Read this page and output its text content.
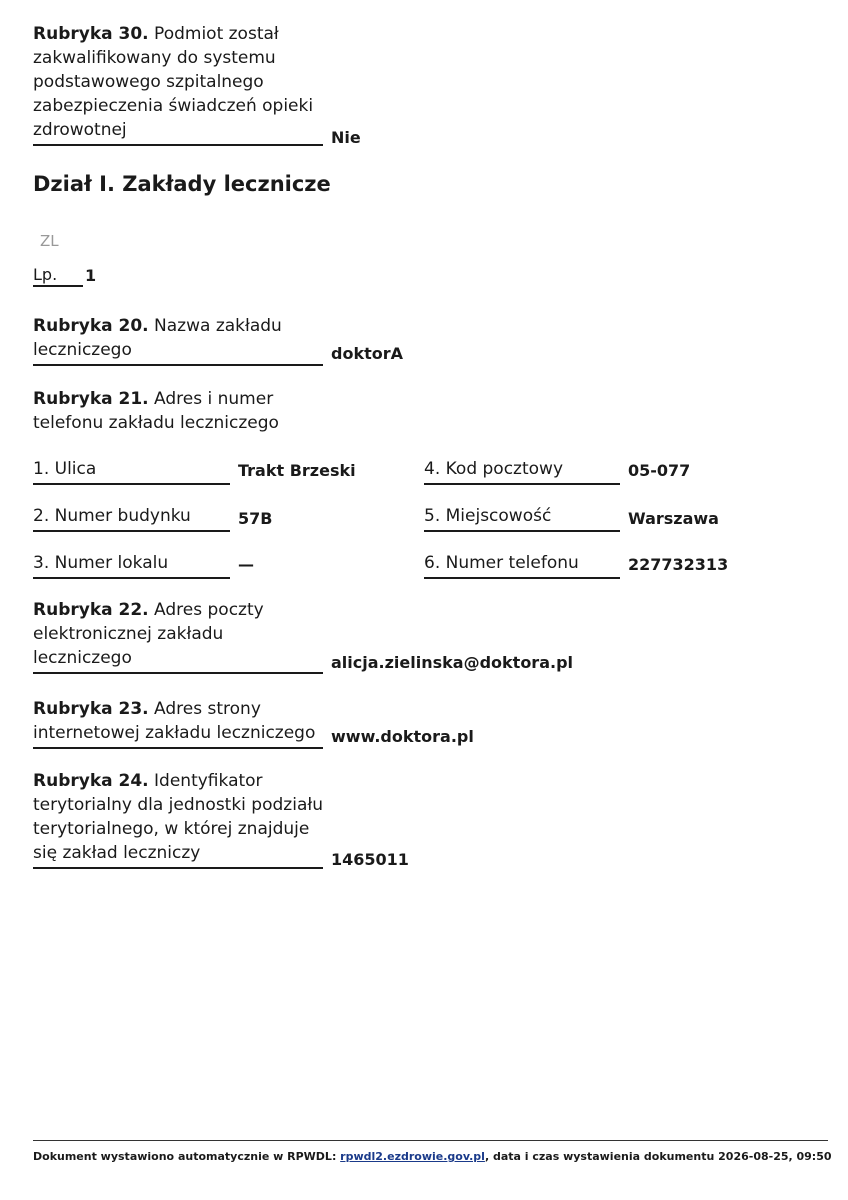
Rubryka 30. Podmiot został zakwalifikowany do systemu podstawowego szpitalnego zabezpieczenia świadczeń opieki zdrowotnej	Nie
Dział I. Zakłady lecznicze
ZL
Lp.	1
Rubryka 20. Nazwa zakładu leczniczego	doktorA
Rubryka 21. Adres i numer telefonu zakładu leczniczego
1. Ulica	Trakt Brzeski
2. Numer budynku	57B
3. Numer lokalu	—
4. Kod pocztowy	05-077
5. Miejscowość	Warszawa
6. Numer telefonu	227732313
Rubryka 22. Adres poczty elektronicznej zakładu leczniczego	alicja.zielinska@doktora.pl
Rubryka 23. Adres strony internetowej zakładu leczniczego www.doktora.pl
Rubryka 24. Identyfikator terytorialny dla jednostki podziału terytorialnego, w której znajduje się zakład leczniczy	1465011
Dokument wystawiono automatycznie w RPWDL: rpwdl2.ezdrowie.gov.pl, data i czas wystawienia dokumentu 2026-08-25, 09:50
